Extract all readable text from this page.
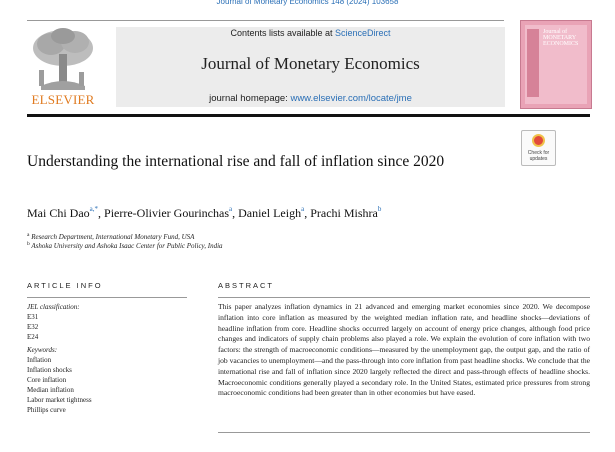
Journal of Monetary Economics 148 (2024) 103658
ELSEVIER
Contents lists available at ScienceDirect
Journal of Monetary Economics
journal homepage: www.elsevier.com/locate/jme
Journal of MONETARY ECONOMICS
Check for updates
Understanding the international rise and fall of inflation since 2020
Mai Chi Dao$^{a,*}$, Pierre-Olivier Gourinchas$^a$, Daniel Leigh$^a$, Prachi Mishra$^b$
$^a$ Research Department, International Monetary Fund, USA
$^b$ Ashoka University and Ashoka Isaac Center for Public Policy, India
ARTICLE INFO	ABSTRACT
JEL classification:
E31
E32
E24
Keywords:
Inflation
Inflation shocks
Core inflation
Median inflation
Labor market tightness
Phillips curve
This paper analyzes inflation dynamics in 21 advanced and emerging market economies since 2020. We decompose inflation into core inflation as measured by the weighted median inflation rate, and headline shocks—deviations of headline inflation from core. Headline shocks occurred largely on account of energy price changes, although food price changes and indicators of supply chain problems also played a role. We explain the evolution of core inflation with two factors: the strength of macroeconomic conditions—measured by the unemployment gap, the output gap, and the ratio of job vacancies to unemployment—and the pass-through into core inflation from past headline shocks. We conclude that the international rise and fall of inflation since 2020 largely reflected the direct and pass-through effects of headline shocks. Macroeconomic conditions generally played a secondary role. In the United States, estimated price pressures from strong macroeconomic conditions had been greater than in other economies but have eased.
